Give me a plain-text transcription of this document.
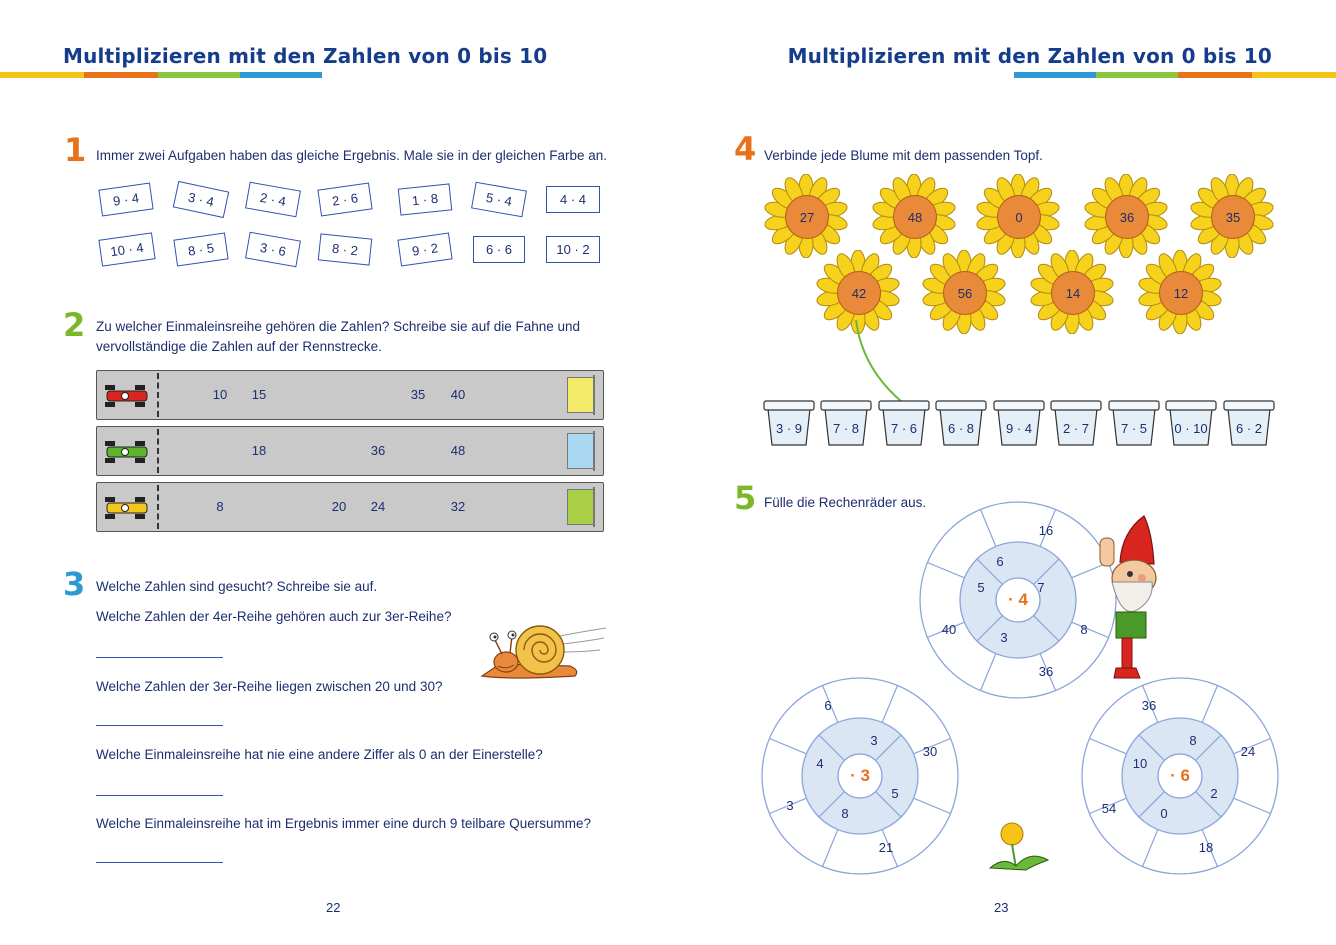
Multiplizieren mit den Zahlen von 0 bis 10
1 Immer zwei Aufgaben haben das gleiche Ergebnis. Male sie in der gleichen Farbe an.
9 · 4	3 · 4	2 · 4	2 · 6	1 · 8	5 · 4	4 · 4
10 · 4	8 · 5	3 · 6	8 · 2	9 · 2	6 · 6	10 · 2
2 Zu welcher Einmaleinsreihe gehören die Zahlen? Schreibe sie auf die Fahne und
vervollständige die Zahlen auf der Rennstrecke.
10	15	35	40
18	36	48
8	20	24	32
3 Welche Zahlen sind gesucht? Schreibe sie auf.
Welche Zahlen der 4er-Reihe gehören auch zur 3er-Reihe?
Welche Zahlen der 3er-Reihe liegen zwischen 20 und 30?
Welche Einmaleinsreihe hat nie eine andere Ziffer als 0 an der Einerstelle?
Welche Einmaleinsreihe hat im Ergebnis immer eine durch 9 teilbare Quersumme?
22
Multiplizieren mit den Zahlen von 0 bis 10
4 Verbinde jede Blume mit dem passenden Topf.
27	48	0	36	35
42	56	14	12
3 · 9	7 · 8	7 · 6	6 · 8	9 · 4	2 · 7	7 · 5	0 · 10	6 · 2
5 Fülle die Rechenräder aus.
· 4
6
7
3
5
16
8
36
40
· 3
3
5
8
4
6
30
21
3
· 6
8
2
0
10
36
24
18
54
23
